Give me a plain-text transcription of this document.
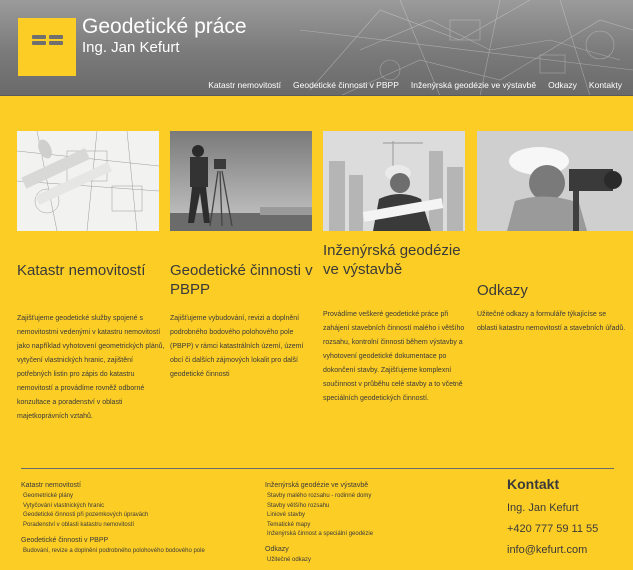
Geodetické práce
Ing. Jan Kefurt
Katastr nemovitostí	Geodetické činnosti v PBPP	Inženýrská geodézie ve výstavbě	Odkazy	Kontakty
Katastr nemovitostí

Zajišťujeme geodetické služby spojené s nemovitostmi vedenými v katastru nemovitostí jako například vyhotovení geometrických plánů, vytyčení vlastnických hranic, zajištění potřebných listin pro zápis do katastru nemovitostí a provádíme rovněž odborné konzultace a poradenství v oblasti majetkoprávních vztahů.

Geodetické činnosti v PBPP

Zajišťujeme vybudování, revizi a doplnění podrobného bodového polohového pole (PBPP) v rámci katastrálních území, území obcí či dalších zájmových lokalit pro další geodetické činnosti

Inženýrská geodézie ve výstavbě

Provádíme veškeré geodetické práce při zahájení stavebních činností malého i většího rozsahu, kontrolní činnosti během výstavby a vyhotovení geodetické dokumentace po dokončení stavby. Zajišťujeme komplexní součinnost v průběhu celé stavby a to včetně speciálních geodetických činností.

Odkazy

Užitečné odkazy a formuláře týkajícíse se oblasti katastru nemovitostí a stavebních úřadů.

Katastr nemovitostí
Geometrické plány
Vytyčování vlastnických hranic
Geodetické činnosti při pozemkových úpravách
Poradenství v oblasti katastru nemovitostí
Geodetické činnosti v PBPP
Budování, revize a doplnění podrobného polohového bodového pole
Inženýrská geodézie ve výstavbě
Stavby malého rozsahu - rodinné domy
Stavby většího rozsahu
Liniové stavby
Tematické mapy
Inženýrská činnost a speciální geodézie
Odkazy
Užitečné odkazy
Kontakt
Ing. Jan Kefurt
+420 777 59 11 55
info@kefurt.com
